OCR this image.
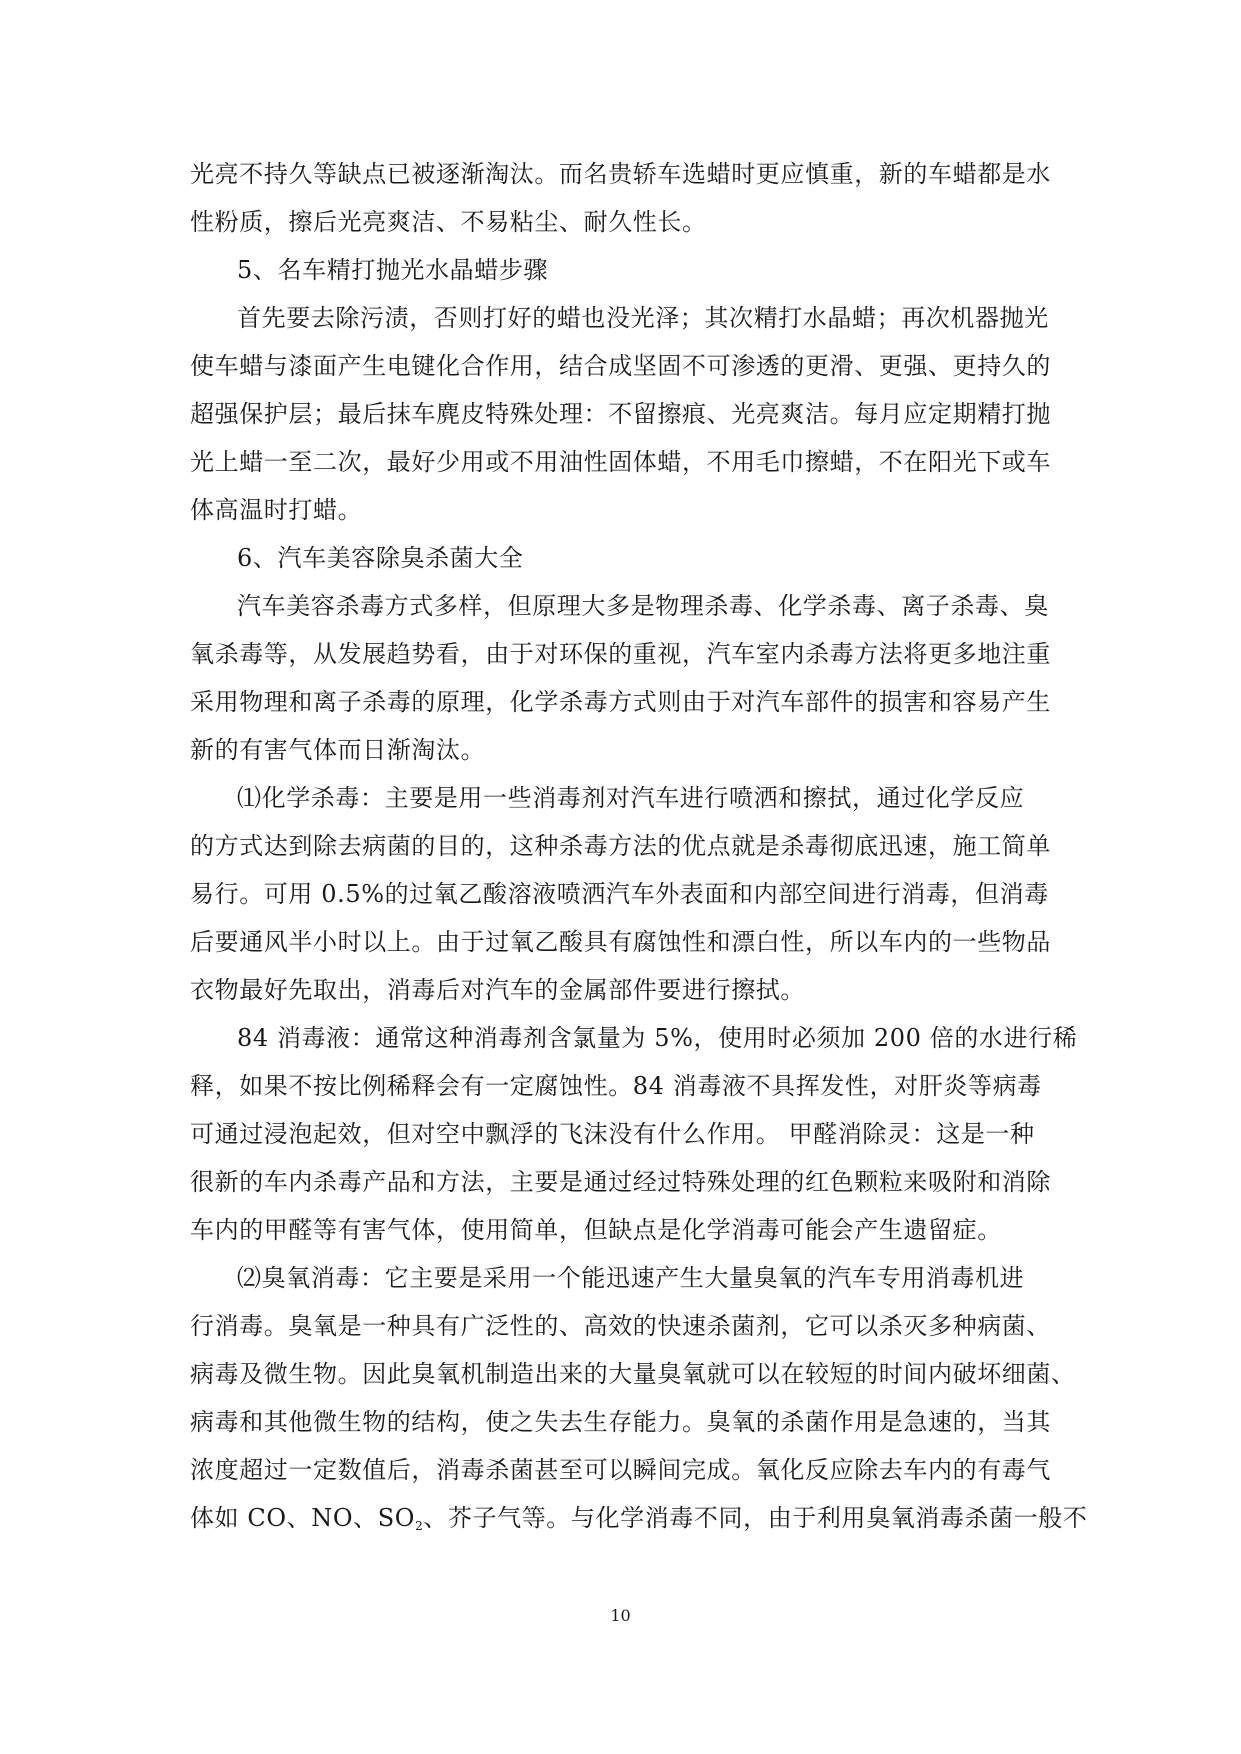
光亮不持久等缺点已被逐渐淘汰。而名贵轿车选蜡时更应慎重，新的车蜡都是水
性粉质，擦后光亮爽洁、不易粘尘、耐久性长。

5、名车精打抛光水晶蜡步骤

首先要去除污渍，否则打好的蜡也没光泽；其次精打水晶蜡；再次机器抛光
使车蜡与漆面产生电键化合作用，结合成坚固不可渗透的更滑、更强、更持久的
超强保护层；最后抹车麂皮特殊处理：不留擦痕、光亮爽洁。每月应定期精打抛
光上蜡一至二次，最好少用或不用油性固体蜡，不用毛巾擦蜡，不在阳光下或车
体高温时打蜡。

6、汽车美容除臭杀菌大全

汽车美容杀毒方式多样，但原理大多是物理杀毒、化学杀毒、离子杀毒、臭
氧杀毒等，从发展趋势看，由于对环保的重视，汽车室内杀毒方法将更多地注重
采用物理和离子杀毒的原理，化学杀毒方式则由于对汽车部件的损害和容易产生
新的有害气体而日渐淘汰。

⑴化学杀毒：主要是用一些消毒剂对汽车进行喷洒和擦拭，通过化学反应
的方式达到除去病菌的目的，这种杀毒方法的优点就是杀毒彻底迅速，施工简单
易行。可用 0.5%的过氧乙酸溶液喷洒汽车外表面和内部空间进行消毒，但消毒
后要通风半小时以上。由于过氧乙酸具有腐蚀性和漂白性，所以车内的一些物品
衣物最好先取出，消毒后对汽车的金属部件要进行擦拭。

84 消毒液：通常这种消毒剂含氯量为 5%，使用时必须加 200 倍的水进行稀
释，如果不按比例稀释会有一定腐蚀性。84 消毒液不具挥发性，对肝炎等病毒
可通过浸泡起效，但对空中飘浮的飞沫没有什么作用。 甲醛消除灵：这是一种
很新的车内杀毒产品和方法，主要是通过经过特殊处理的红色颗粒来吸附和消除
车内的甲醛等有害气体，使用简单，但缺点是化学消毒可能会产生遗留症。

⑵臭氧消毒：它主要是采用一个能迅速产生大量臭氧的汽车专用消毒机进
行消毒。臭氧是一种具有广泛性的、高效的快速杀菌剂，它可以杀灭多种病菌、
病毒及微生物。因此臭氧机制造出来的大量臭氧就可以在较短的时间内破坏细菌、
病毒和其他微生物的结构，使之失去生存能力。臭氧的杀菌作用是急速的，当其
浓度超过一定数值后，消毒杀菌甚至可以瞬间完成。氧化反应除去车内的有毒气
体如 CO、NO、$SO_2$、芥子气等。与化学消毒不同，由于利用臭氧消毒杀菌一般不

10
